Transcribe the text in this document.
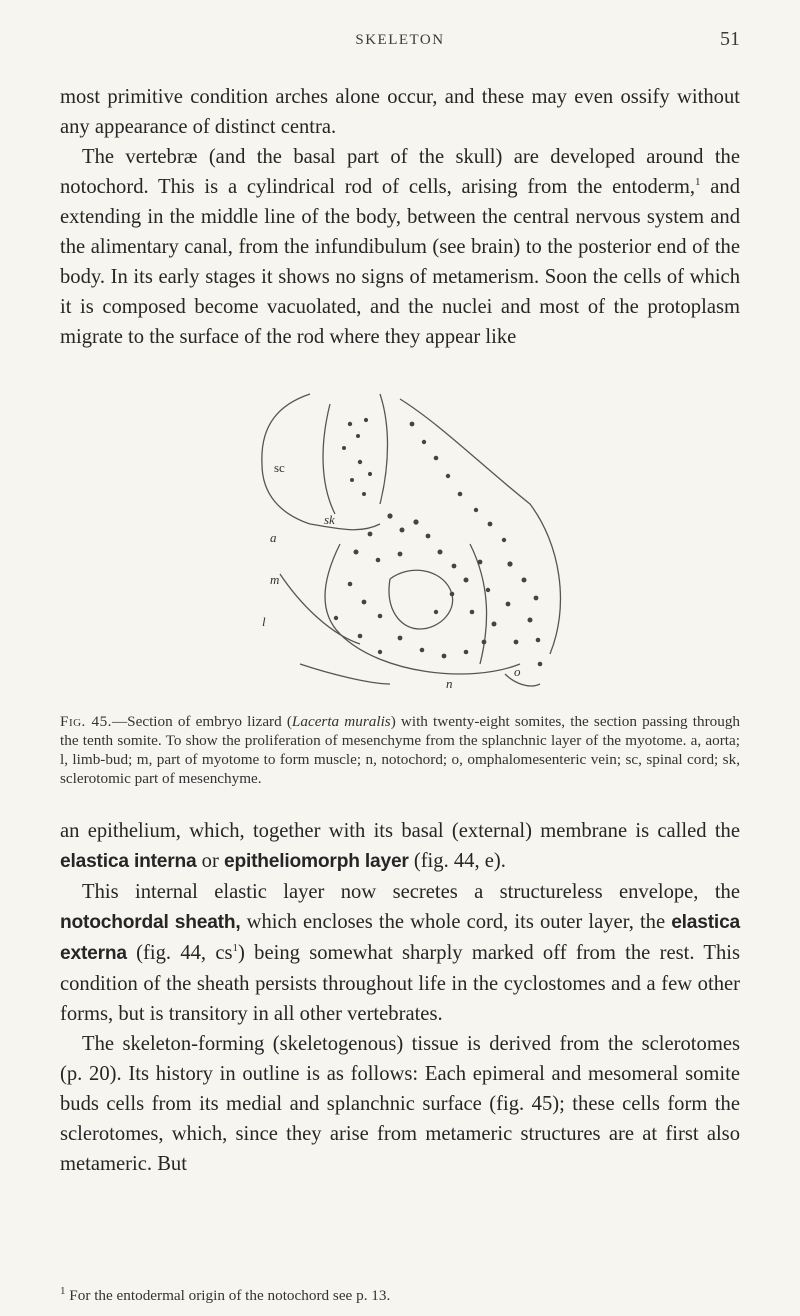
SKELETON	51

most primitive condition arches alone occur, and these may even ossify without any appearance of distinct centra.

The vertebræ (and the basal part of the skull) are developed around the notochord. This is a cylindrical rod of cells, arising from the entoderm,$^1$ and extending in the middle line of the body, between the central nervous system and the alimentary canal, from the infundibulum (see brain) to the posterior end of the body. In its early stages it shows no signs of metamerism. Soon the cells of which it is composed become vacuolated, and the nuclei and most of the protoplasm migrate to the surface of the rod where they appear like

sc
a
sk
o
n
m
l
Fig. 45.—Section of embryo lizard (Lacerta muralis) with twenty-eight somites, the section passing through the tenth somite. To show the proliferation of mesenchyme from the splanchnic layer of the myotome. a, aorta; l, limb-bud; m, part of myotome to form muscle; n, notochord; o, omphalomesenteric vein; sc, spinal cord; sk, sclerotomic part of mesenchyme.

an epithelium, which, together with its basal (external) membrane is called the elastica interna or epitheliomorph layer (fig. 44, e).

This internal elastic layer now secretes a structureless envelope, the notochordal sheath, which encloses the whole cord, its outer layer, the elastica externa (fig. 44, $cs^1$) being somewhat sharply marked off from the rest. This condition of the sheath persists throughout life in the cyclostomes and a few other forms, but is transitory in all other vertebrates.

The skeleton-forming (skeletogenous) tissue is derived from the sclerotomes (p. 20). Its history in outline is as follows: Each epimeral and mesomeral somite buds cells from its medial and splanchnic surface (fig. 45); these cells form the sclerotomes, which, since they arise from metameric structures are at first also metameric. But

$^1$ For the entodermal origin of the notochord see p. 13.
